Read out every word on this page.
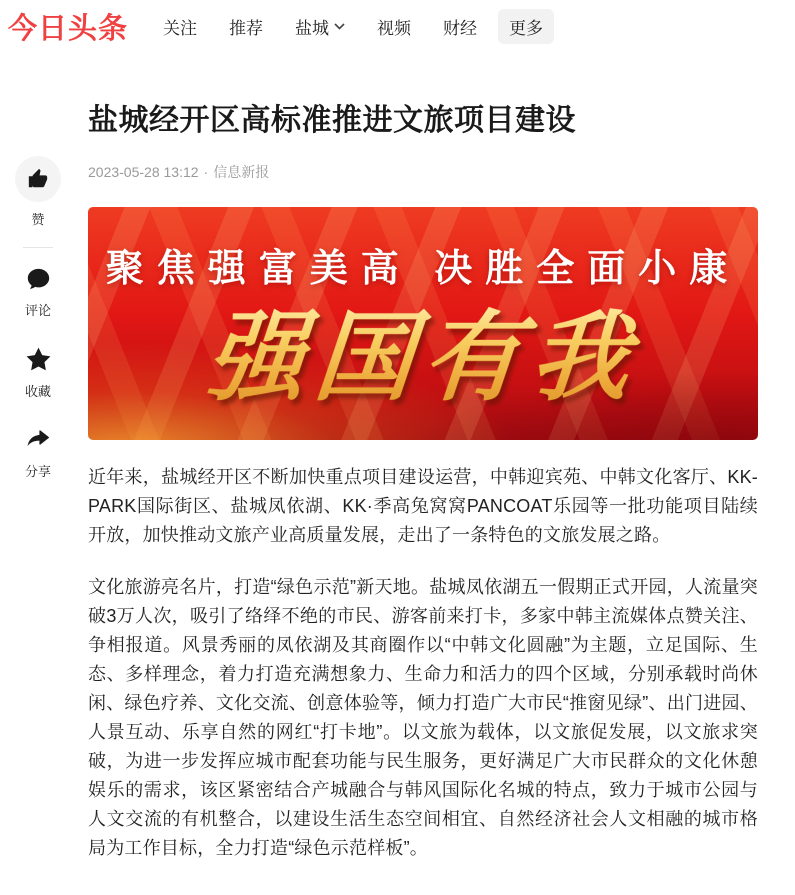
今日头条 关注 推荐 盐城	视频 财经 更多
赞
评论
收藏
分享
盐城经开区高标准推进文旅项目建设
2023-05-28 13:12 · 信息新报
聚焦强富美高 决胜全面小康
强国有我

近年来，盐城经开区不断加快重点项目建设运营，中韩迎宾苑、中韩文化客厅、KK-PARK国际街区、盐城凤依湖、KK·季高兔窝窝PANCOAT乐园等一批功能项目陆续开放，加快推动文旅产业高质量发展，走出了一条特色的文旅发展之路。

文化旅游亮名片，打造“绿色示范”新天地。盐城凤依湖五一假期正式开园，人流量突破3万人次，吸引了络绎不绝的市民、游客前来打卡，多家中韩主流媒体点赞关注、争相报道。风景秀丽的凤依湖及其商圈作以“中韩文化圆融”为主题，立足国际、生态、多样理念，着力打造充满想象力、生命力和活力的四个区域，分别承载时尚休闲、绿色疗养、文化交流、创意体验等，倾力打造广大市民“推窗见绿”、出门进园、人景互动、乐享自然的网红“打卡地”。以文旅为载体，以文旅促发展，以文旅求突破，为进一步发挥应城市配套功能与民生服务，更好满足广大市民群众的文化休憩娱乐的需求，该区紧密结合产城融合与韩风国际化名城的特点，致力于城市公园与人文交流的有机整合，以建设生活生态空间相宜、自然经济社会人文相融的城市格局为工作目标，全力打造“绿色示范样板”。
